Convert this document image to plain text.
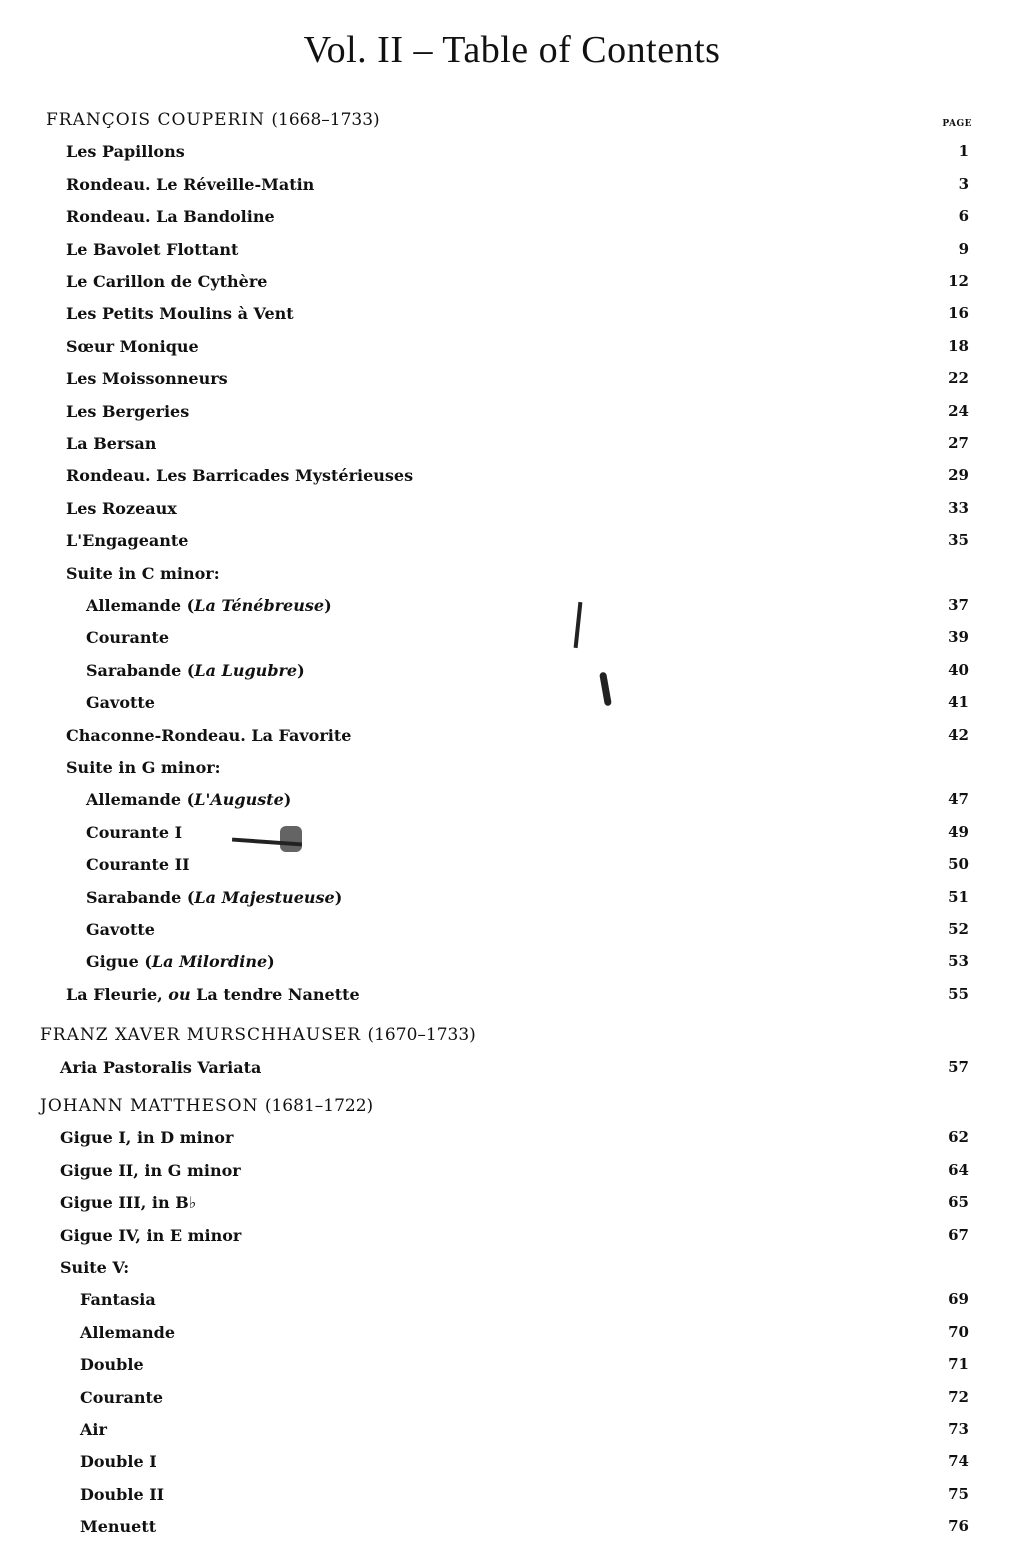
Vol. II – Table of Contents
PAGE
FRANÇOIS COUPERIN (1668–1733)
Les Papillons	1
Rondeau. Le Réveille-Matin	3
Rondeau. La Bandoline	6
Le Bavolet Flottant	9
Le Carillon de Cythère	12
Les Petits Moulins à Vent	16
Sœur Monique	18
Les Moissonneurs	22
Les Bergeries	24
La Bersan	27
Rondeau. Les Barricades Mystérieuses	29
Les Rozeaux	33
L'Engageante	35
Suite in C minor:
Allemande (La Ténébreuse)	37
Courante	39
Sarabande (La Lugubre)	40
Gavotte	41
Chaconne-Rondeau. La Favorite	42
Suite in G minor:
Allemande (L'Auguste)	47
Courante I	49
Courante II	50
Sarabande (La Majestueuse)	51
Gavotte	52
Gigue (La Milordine)	53
La Fleurie, ou La tendre Nanette	55
FRANZ XAVER MURSCHHAUSER (1670–1733)
Aria Pastoralis Variata	57
JOHANN MATTHESON (1681–1722)
Gigue I, in D minor	62
Gigue II, in G minor	64
Gigue III, in B♭	65
Gigue IV, in E minor	67
Suite V:
Fantasia	69
Allemande	70
Double	71
Courante	72
Air	73
Double I	74
Double II	75
Menuett	76
